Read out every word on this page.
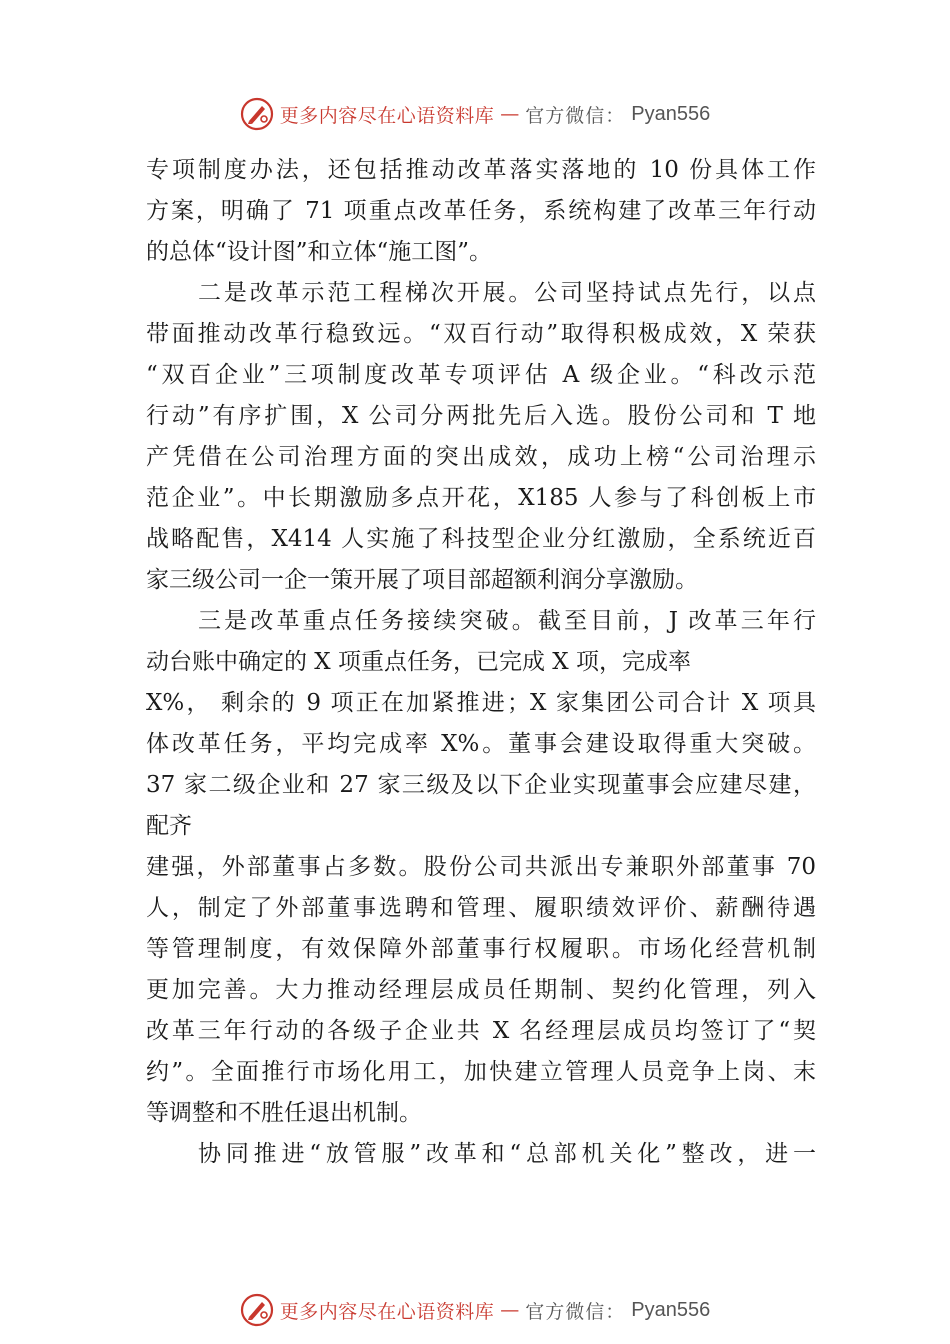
更多内容尽在心语资料库 — 官方微信： Pyan556
专项制度办法，还包括推动改革落实落地的 10 份具体工作
方案，明确了 71 项重点改革任务，系统构建了改革三年行动
的总体“设计图”和立体“施工图”。
二是改革示范工程梯次开展。公司坚持试点先行，以点
带面推动改革行稳致远。“双百行动”取得积极成效，X 荣获
“双百企业”三项制度改革专项评估 A 级企业。“科改示范
行动”有序扩围，X 公司分两批先后入选。股份公司和 T 地
产凭借在公司治理方面的突出成效，成功上榜“公司治理示
范企业”。中长期激励多点开花，X185 人参与了科创板上市
战略配售，X414 人实施了科技型企业分红激励，全系统近百
家三级公司一企一策开展了项目部超额利润分享激励。
三是改革重点任务接续突破。截至目前，J 改革三年行
动台账中确定的 X 项重点任务，已完成 X 项，完成率
X%， 剩余的 9 项正在加紧推进；X 家集团公司合计 X 项具
体改革任务，平均完成率 X%。董事会建设取得重大突破。
37 家二级企业和 27 家三级及以下企业实现董事会应建尽建，
配齐
建强，外部董事占多数。股份公司共派出专兼职外部董事 70
人，制定了外部董事选聘和管理、履职绩效评价、薪酬待遇
等管理制度，有效保障外部董事行权履职。市场化经营机制
更加完善。大力推动经理层成员任期制、契约化管理，列入
改革三年行动的各级子企业共 X 名经理层成员均签订了“契
约”。全面推行市场化用工，加快建立管理人员竞争上岗、末
等调整和不胜任退出机制。
协同推进“放管服”改革和“总部机关化”整改，进一
更多内容尽在心语资料库 — 官方微信： Pyan556
